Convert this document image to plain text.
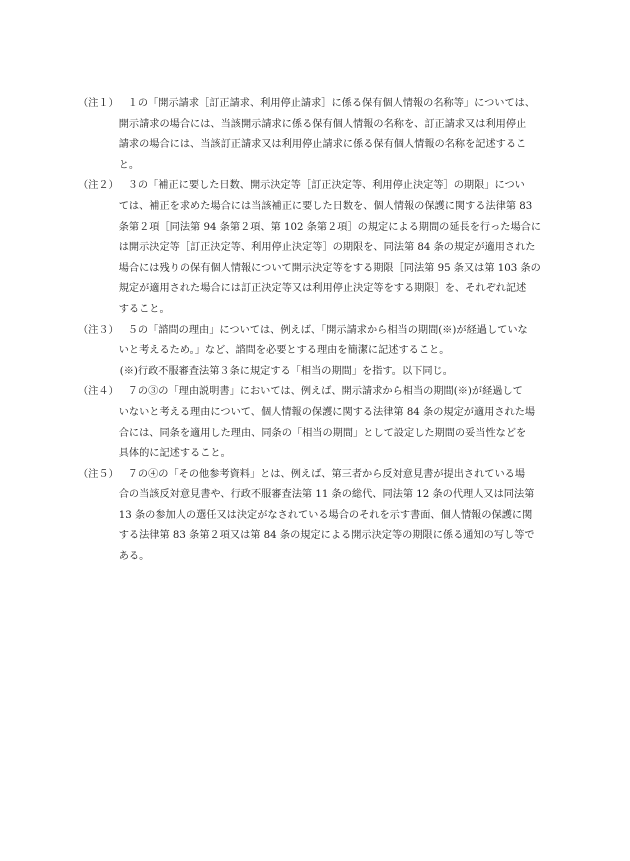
（注１） １の「開示請求［訂正請求、利用停止請求］に係る保有個人情報の名称等」については、
開示請求の場合には、当該開示請求に係る保有個人情報の名称を、訂正請求又は利用停止
請求の場合には、当該訂正請求又は利用停止請求に係る保有個人情報の名称を記述するこ
と。
（注２） ３の「補正に要した日数、開示決定等［訂正決定等、利用停止決定等］の期限」につい
ては、補正を求めた場合には当該補正に要した日数を、個人情報の保護に関する法律第 83
条第２項［同法第 94 条第２項、第 102 条第２項］の規定による期間の延長を行った場合に
は開示決定等［訂正決定等、利用停止決定等］の期限を、同法第 84 条の規定が適用された
場合には残りの保有個人情報について開示決定等をする期限［同法第 95 条又は第 103 条の
規定が適用された場合には訂正決定等又は利用停止決定等をする期限］を、それぞれ記述
すること。
（注３） ５の「諮問の理由」については、例えば、「開示請求から相当の期間(※)が経過していな
いと考えるため。」など、諮問を必要とする理由を簡潔に記述すること。
(※)行政不服審査法第３条に規定する「相当の期間」を指す。以下同じ。
（注４） ７の③の「理由説明書」においては、例えば、開示請求から相当の期間(※)が経過して
いないと考える理由について、個人情報の保護に関する法律第 84 条の規定が適用された場
合には、同条を適用した理由、同条の「相当の期間」として設定した期間の妥当性などを
具体的に記述すること。
（注５） ７の④の「その他参考資料」とは、例えば、第三者から反対意見書が提出されている場
合の当該反対意見書や、行政不服審査法第 11 条の総代、同法第 12 条の代理人又は同法第
13 条の参加人の選任又は決定がなされている場合のそれを示す書面、個人情報の保護に関
する法律第 83 条第２項又は第 84 条の規定による開示決定等の期限に係る通知の写し等で
ある。
